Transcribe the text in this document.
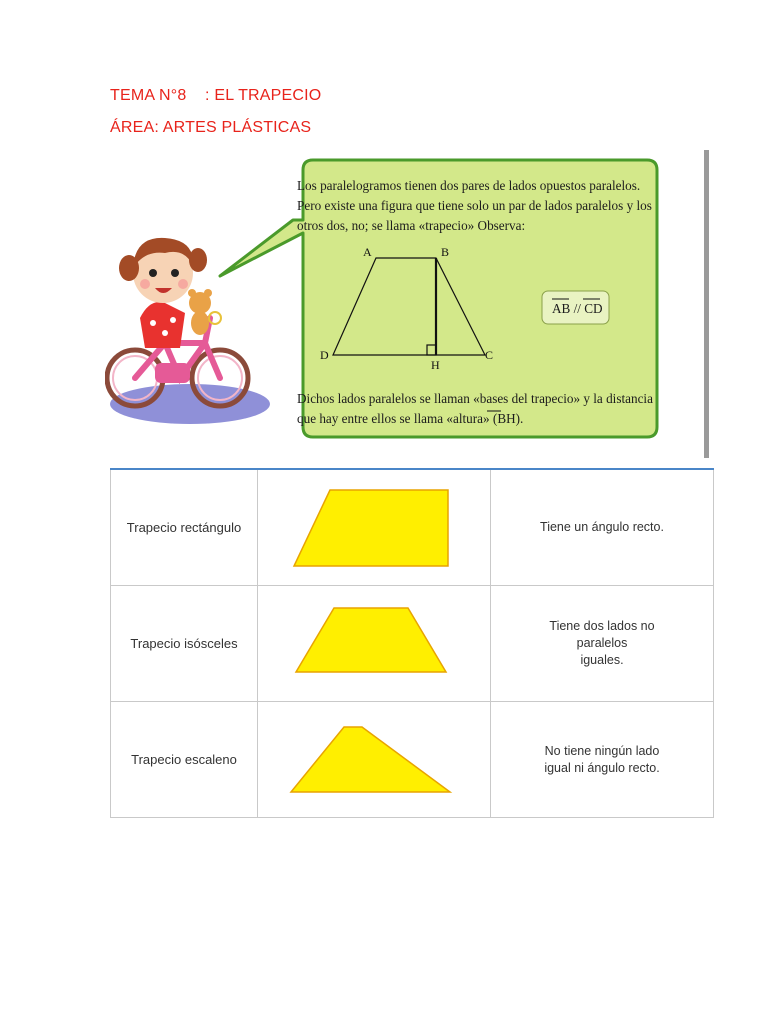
TEMA N°8    : EL TRAPECIO
ÁREA: ARTES PLÁSTICAS
Los paralelogramos tienen dos pares de lados opuestos paralelos.
Pero existe una figura que tiene solo un par de lados paralelos y los
otros dos, no; se llama «trapecio» Observa:
A	B
D	C
H
AB // CD
Dichos lados paralelos se llaman «bases del trapecio» y la distancia
que hay entre ellos se llama «altura» (BH).
Trapecio rectángulo		Tiene un ángulo recto.
Trapecio isósceles		Tiene dos lados no paralelos
iguales.
Trapecio escaleno		No tiene ningún lado
igual ni ángulo recto.
